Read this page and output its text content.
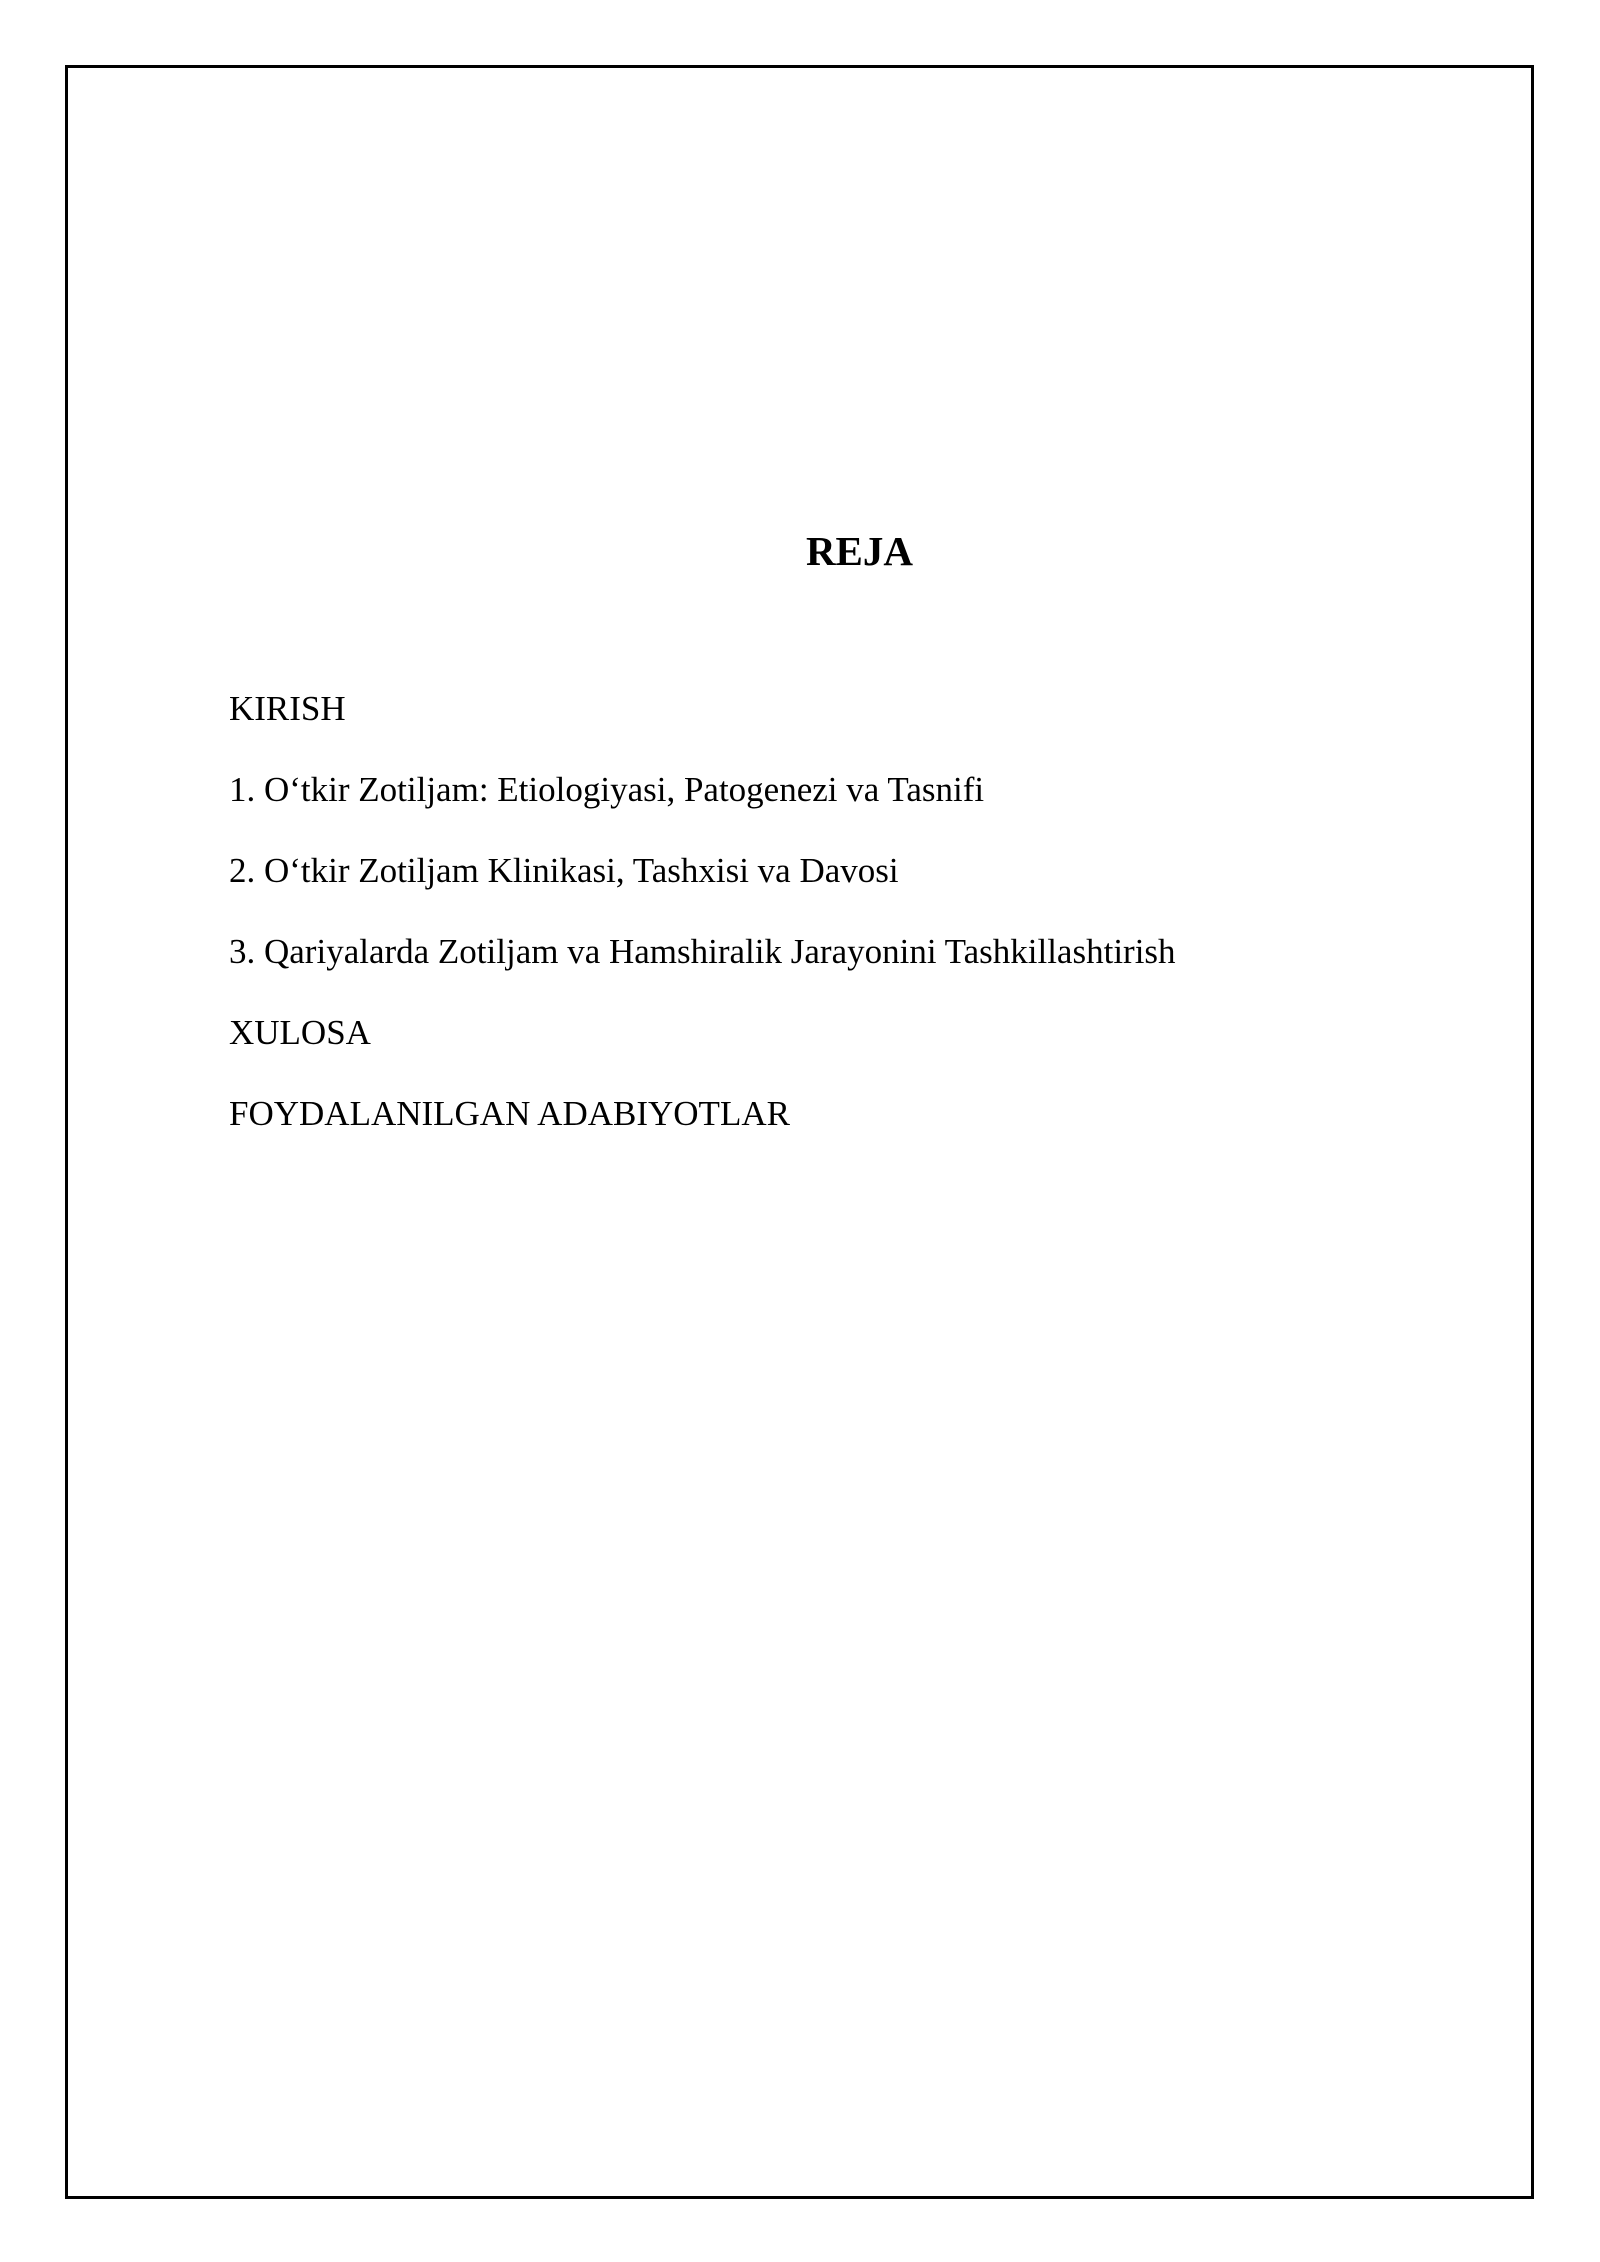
REJA
KIRISH
1. O‘tkir Zotiljam: Etiologiyasi, Patogenezi va Tasnifi
2. O‘tkir Zotiljam Klinikasi, Tashxisi va Davosi
3. Qariyalarda Zotiljam va Hamshiralik Jarayonini Tashkillashtirish
XULOSA
FOYDALANILGAN ADABIYOTLAR
